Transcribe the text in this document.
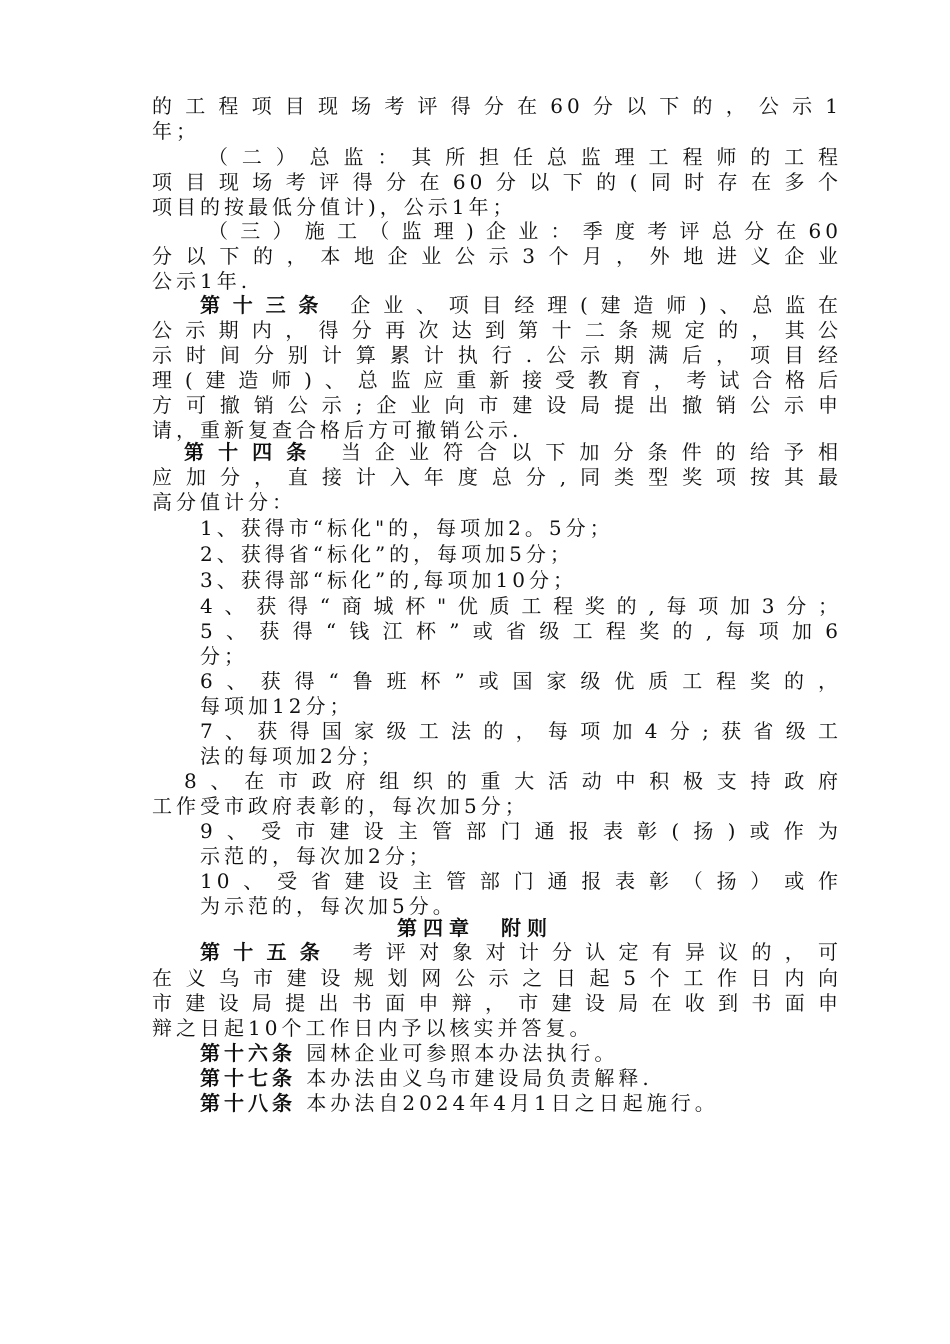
的工程项目现场考评得分在60分以下的，公示1
年；
（二）总监：其所担任总监理工程师的工程
项目现场考评得分在60分以下的(同时存在多个
项目的按最低分值计)，公示1年；
（三）施工（监理)企业：季度考评总分在60
分以下的，本地企业公示3个月，外地进义企业
公示1年.
第十三条 企业、项目经理(建造师)、总监在
公示期内，得分再次达到第十二条规定的，其公
示时间分别计算累计执行.公示期满后，项目经
理(建造师)、总监应重新接受教育，考试合格后
方可撤销公示;企业向市建设局提出撤销公示申
请，重新复查合格后方可撤销公示.
第十四条 当企业符合以下加分条件的给予相
应加分，直接计入年度总分,同类型奖项按其最
高分值计分：
1、获得市“标化"的，每项加2。5分；
2、获得省“标化”的，每项加5分；
3、获得部“标化”的,每项加10分；
4、获得“商城杯"优质工程奖的,每项加3分；
5、获得“钱江杯”或省级工程奖的,每项加6
分；
6、获得“鲁班杯”或国家级优质工程奖的，
每项加12分；
7、获得国家级工法的，每项加4分;获省级工
法的每项加2分；
8、在市政府组织的重大活动中积极支持政府
工作受市政府表彰的，每次加5分；
9、受市建设主管部门通报表彰(扬)或作为
示范的，每次加2分；
10、受省建设主管部门通报表彰（扬）或作
为示范的，每次加5分。
第四章　附则
第十五条 考评对象对计分认定有异议的，可
在义乌市建设规划网公示之日起5个工作日内向
市建设局提出书面申辩，市建设局在收到书面申
辩之日起10个工作日内予以核实并答复。
第十六条 园林企业可参照本办法执行。
第十七条 本办法由义乌市建设局负责解释.
第十八条 本办法自2024年4月1日之日起施行。
